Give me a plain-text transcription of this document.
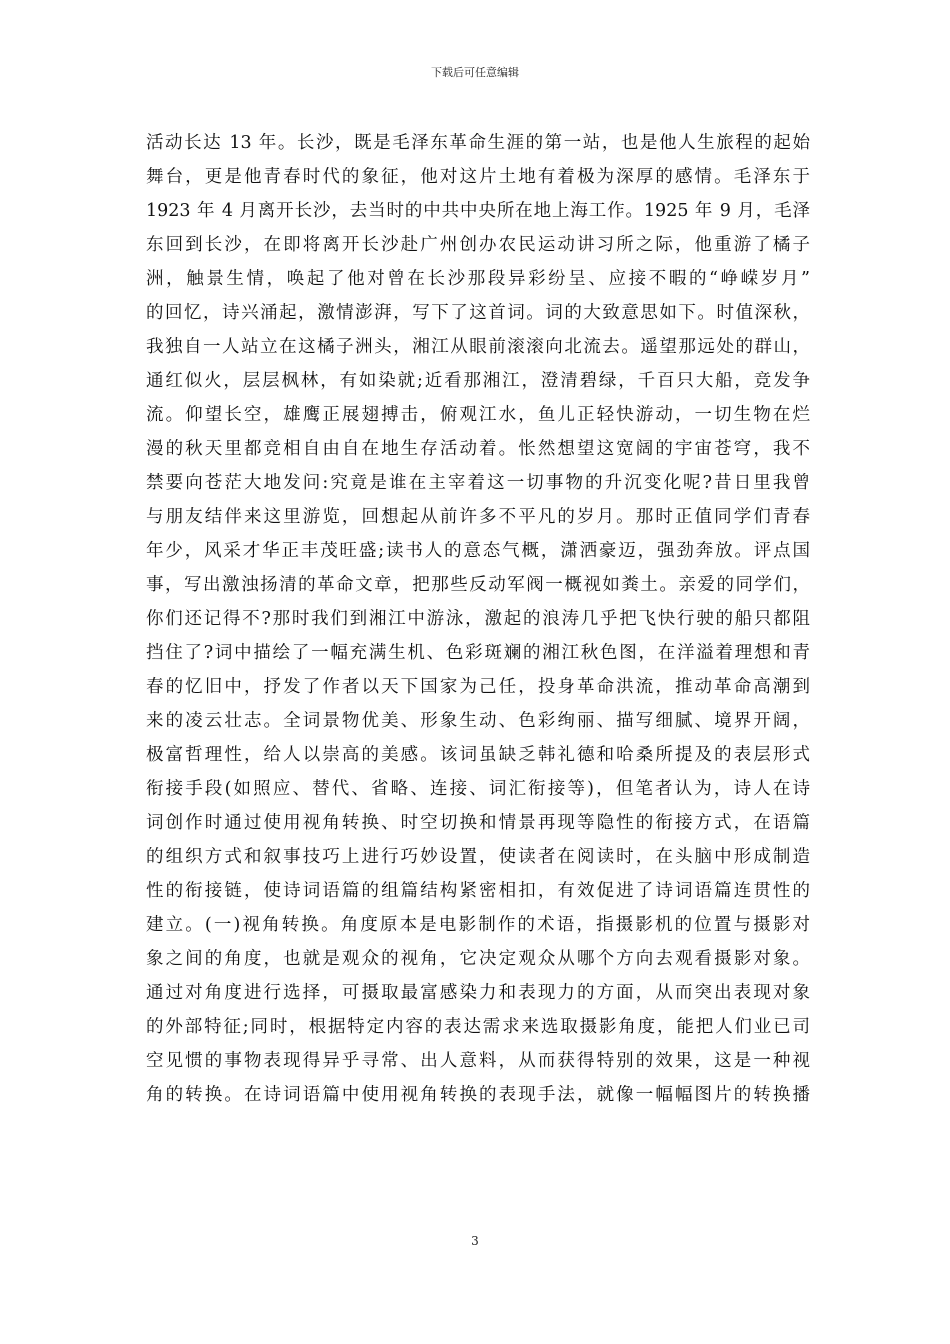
下载后可任意编辑
活动长达 13 年。长沙，既是毛泽东革命生涯的第一站，也是他人生旅程的起始
舞台，更是他青春时代的象征，他对这片土地有着极为深厚的感情。毛泽东于
1923 年 4 月离开长沙，去当时的中共中央所在地上海工作。1925 年 9 月，毛泽
东回到长沙，在即将离开长沙赴广州创办农民运动讲习所之际，他重游了橘子
洲，触景生情，唤起了他对曾在长沙那段异彩纷呈、应接不暇的“峥嵘岁月”
的回忆，诗兴涌起，激情澎湃，写下了这首词。词的大致意思如下。时值深秋，
我独自一人站立在这橘子洲头，湘江从眼前滚滚向北流去。遥望那远处的群山，
通红似火，层层枫林，有如染就;近看那湘江，澄清碧绿，千百只大船，竞发争
流。仰望长空，雄鹰正展翅搏击，俯观江水，鱼儿正轻快游动，一切生物在烂
漫的秋天里都竞相自由自在地生存活动着。怅然想望这宽阔的宇宙苍穹，我不
禁要向苍茫大地发问:究竟是谁在主宰着这一切事物的升沉变化呢?昔日里我曾
与朋友结伴来这里游览，回想起从前许多不平凡的岁月。那时正值同学们青春
年少，风采才华正丰茂旺盛;读书人的意态气概，潇洒豪迈，强劲奔放。评点国
事，写出激浊扬清的革命文章，把那些反动军阀一概视如粪土。亲爱的同学们，
你们还记得不?那时我们到湘江中游泳，激起的浪涛几乎把飞快行驶的船只都阻
挡住了?词中描绘了一幅充满生机、色彩斑斓的湘江秋色图，在洋溢着理想和青
春的忆旧中，抒发了作者以天下国家为己任，投身革命洪流，推动革命高潮到
来的凌云壮志。全词景物优美、形象生动、色彩绚丽、描写细腻、境界开阔，
极富哲理性，给人以崇高的美感。该词虽缺乏韩礼德和哈桑所提及的表层形式
衔接手段(如照应、替代、省略、连接、词汇衔接等)，但笔者认为，诗人在诗
词创作时通过使用视角转换、时空切换和情景再现等隐性的衔接方式，在语篇
的组织方式和叙事技巧上进行巧妙设置，使读者在阅读时，在头脑中形成制造
性的衔接链，使诗词语篇的组篇结构紧密相扣，有效促进了诗词语篇连贯性的
建立。(一)视角转换。角度原本是电影制作的术语，指摄影机的位置与摄影对
象之间的角度，也就是观众的视角，它决定观众从哪个方向去观看摄影对象。
通过对角度进行选择，可摄取最富感染力和表现力的方面，从而突出表现对象
的外部特征;同时，根据特定内容的表达需求来选取摄影角度，能把人们业已司
空见惯的事物表现得异乎寻常、出人意料，从而获得特别的效果，这是一种视
角的转换。在诗词语篇中使用视角转换的表现手法，就像一幅幅图片的转换播
3
